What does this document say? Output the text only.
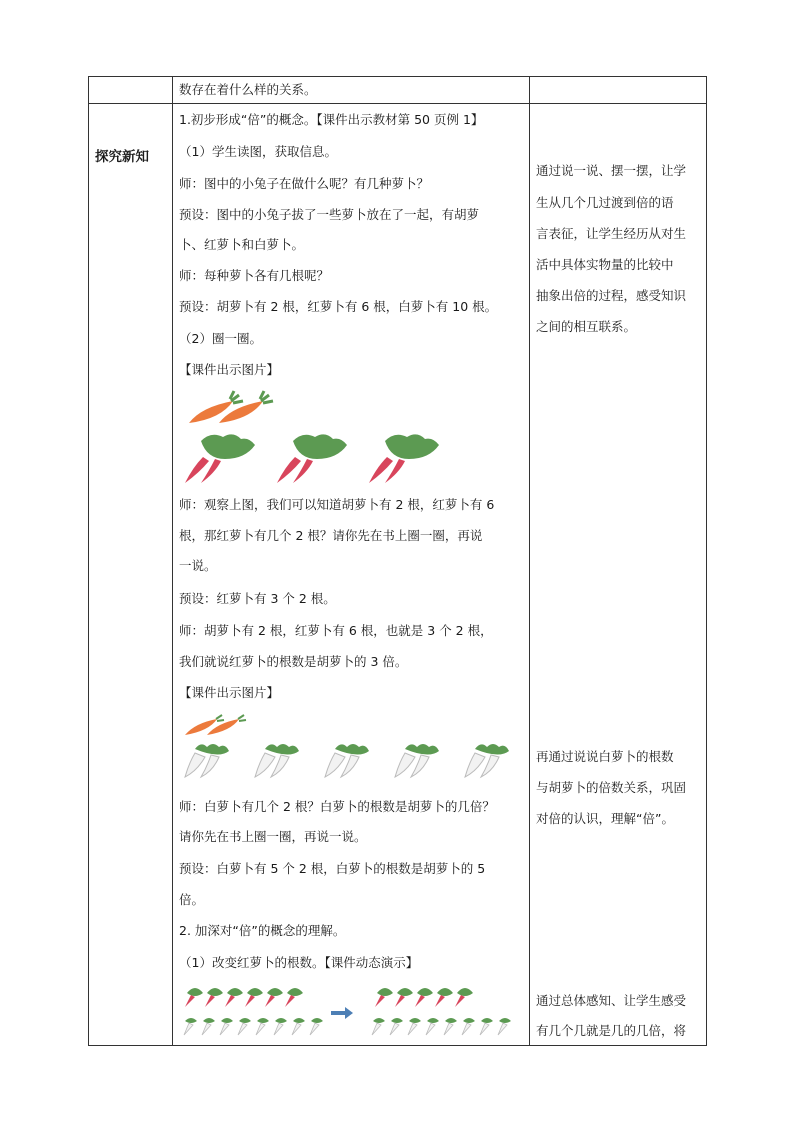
数存在着什么样的关系。
探究新知
1.初步形成“倍”的概念。【课件出示教材第 50 页例 1】
（1）学生读图，获取信息。
师：图中的小兔子在做什么呢？有几种萝卜？
预设：图中的小兔子拔了一些萝卜放在了一起，有胡萝
卜、红萝卜和白萝卜。
师：每种萝卜各有几根呢？
预设：胡萝卜有 2 根，红萝卜有 6 根，白萝卜有 10 根。
（2）圈一圈。
【课件出示图片】
师：观察上图，我们可以知道胡萝卜有 2 根，红萝卜有 6
根，那红萝卜有几个 2 根？请你先在书上圈一圈，再说
一说。
预设：红萝卜有 3 个 2 根。
师：胡萝卜有 2 根，红萝卜有 6 根，也就是 3 个 2 根，
我们就说红萝卜的根数是胡萝卜的 3 倍。
【课件出示图片】
师：白萝卜有几个 2 根？白萝卜的根数是胡萝卜的几倍？
请你先在书上圈一圈，再说一说。
预设：白萝卜有 5 个 2 根，白萝卜的根数是胡萝卜的 5
倍。
2. 加深对“倍”的概念的理解。
（1）改变红萝卜的根数。【课件动态演示】
通过说一说、摆一摆，让学
生从几个几过渡到倍的语
言表征，让学生经历从对生
活中具体实物量的比较中
抽象出倍的过程，感受知识
之间的相互联系。
再通过说说白萝卜的根数
与胡萝卜的倍数关系，巩固
对倍的认识，理解“倍”。
通过总体感知、让学生感受
有几个几就是几的几倍，将
